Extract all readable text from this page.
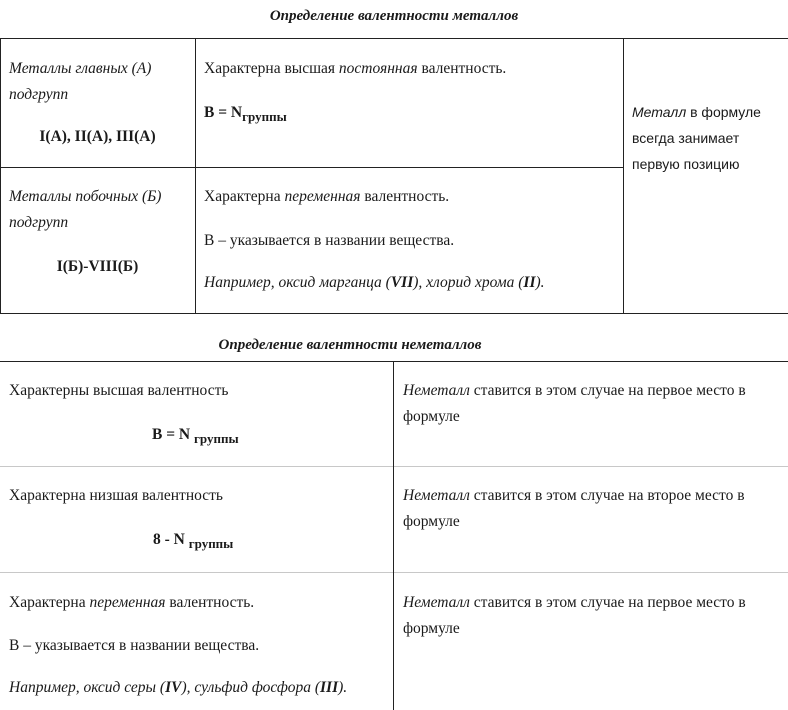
Определение валентности металлов
Металлы главных (А)
подгрупп
I(А), II(А), III(А)
Характерна высшая постоянная валентность.
$В = N_{группы}$
Металлы побочных (Б)
подгрупп
I(Б)-VIII(Б)
Характерна переменная валентность.
В – указывается в названии вещества.
Например, оксид марганца (VII), хлорид хрома (II).
Металл в формуле
всегда занимает
первую позицию
Определение валентности неметаллов
Характерны высшая валентность
В = N $_{группы}$
Неметалл ставится в этом случае на первое место в
формуле
Характерна низшая валентность
8 - N $_{группы}$
Неметалл ставится в этом случае на второе место в
формуле
Характерна переменная валентность.
В – указывается в названии вещества.
Например, оксид серы (IV), сульфид фосфора (III).
Неметалл ставится в этом случае на первое место в
формуле
